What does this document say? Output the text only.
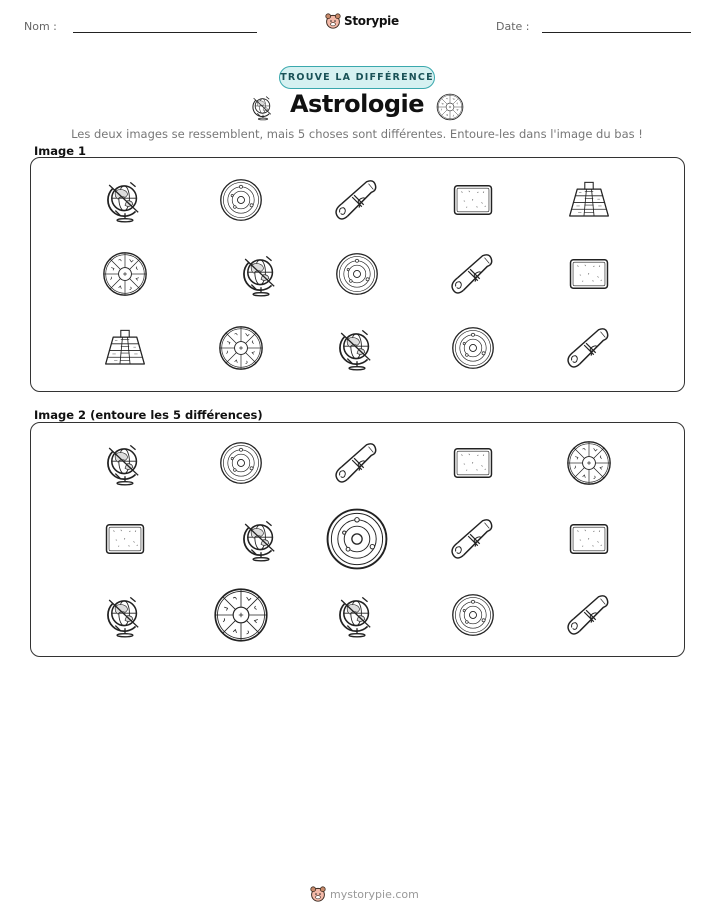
Nom :	Storypie	Date :
TROUVE LA DIFFÉRENCE
Astrologie
Les deux images se ressemblent, mais 5 choses sont différentes. Entoure-les dans l'image du bas !
Image 1
Image 2 (entoure les 5 différences)
mystorypie.com
